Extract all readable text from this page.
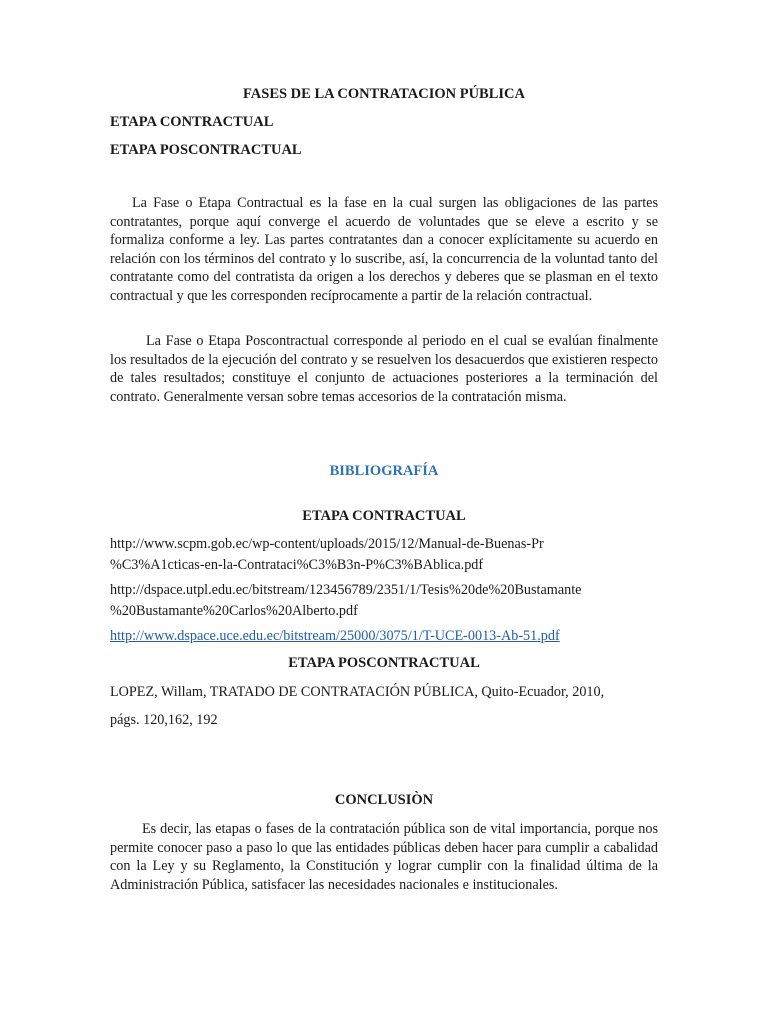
FASES DE LA CONTRATACION PÚBLICA
ETAPA CONTRACTUAL
ETAPA POSCONTRACTUAL

La Fase o Etapa Contractual es la fase en la cual surgen las obligaciones de las partes contratantes, porque aquí converge el acuerdo de voluntades que se eleve a escrito y se formaliza conforme a ley. Las partes contratantes dan a conocer explícitamente su acuerdo en relación con los términos del contrato y lo suscribe, así, la concurrencia de la voluntad tanto del contratante como del contratista da origen a los derechos y deberes que se plasman en el texto contractual y que les corresponden recíprocamente a partir de la relación contractual.

La Fase o Etapa Poscontractual corresponde al periodo en el cual se evalúan finalmente los resultados de la ejecución del contrato y se resuelven los desacuerdos que existieren respecto de tales resultados; constituye el conjunto de actuaciones posteriores a la terminación del contrato. Generalmente versan sobre temas accesorios de la contratación misma.

BIBLIOGRAFÍA
ETAPA CONTRACTUAL
http://www.scpm.gob.ec/wp-content/uploads/2015/12/Manual-de-Buenas-Pr
%C3%A1cticas-en-la-Contrataci%C3%B3n-P%C3%BAblica.pdf
http://dspace.utpl.edu.ec/bitstream/123456789/2351/1/Tesis%20de%20Bustamante
%20Bustamante%20Carlos%20Alberto.pdf
http://www.dspace.uce.edu.ec/bitstream/25000/3075/1/T-UCE-0013-Ab-51.pdf
ETAPA POSCONTRACTUAL

LOPEZ, Willam, TRATADO DE CONTRATACIÓN PÚBLICA, Quito-Ecuador, 2010,

págs. 120,162, 192

CONCLUSIÒN

Es decir, las etapas o fases de la contratación pública son de vital importancia, porque nos permite conocer paso a paso lo que las entidades públicas deben hacer para cumplir a cabalidad con la Ley y su Reglamento, la Constitución y lograr cumplir con la finalidad última de la Administración Pública, satisfacer las necesidades nacionales e institucionales.
